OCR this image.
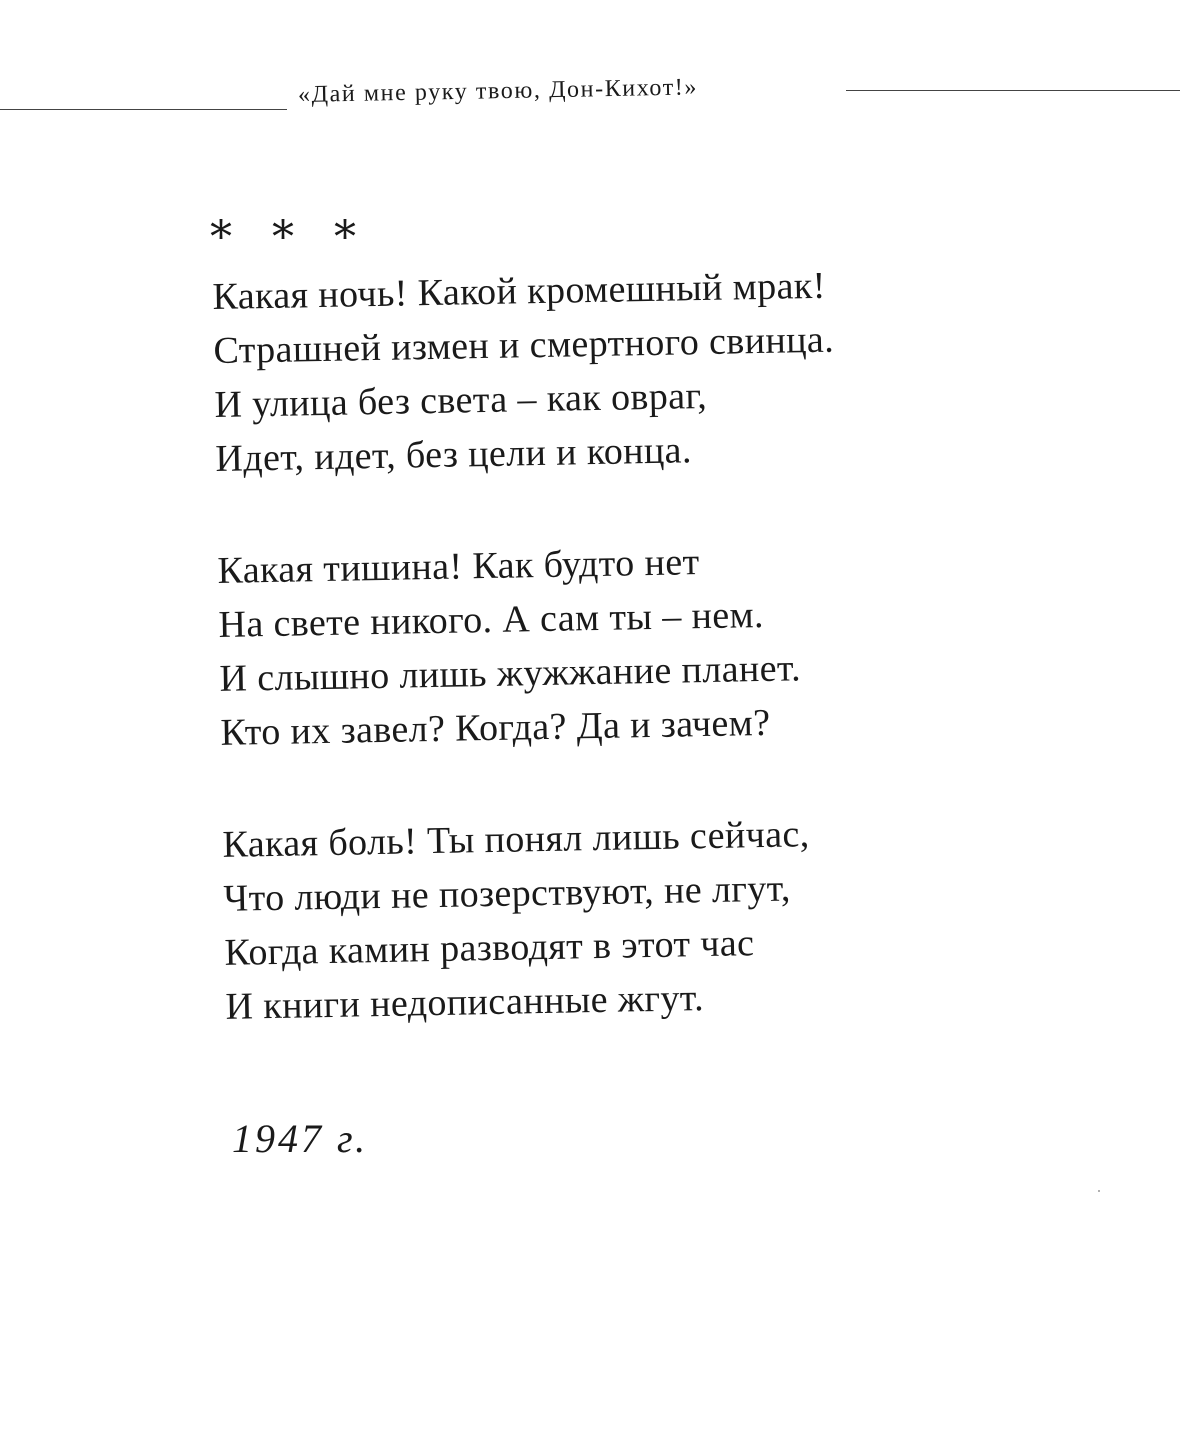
«Дай мне руку твою, Дон-Кихот!»
* * *
Какая ночь! Какой кромешный мрак!
Страшней измен и смертного свинца.
И улица без света – как овраг,
Идет, идет, без цели и конца.
Какая тишина! Как будто нет
На свете никого. А сам ты – нем.
И слышно лишь жужжание планет.
Кто их завел? Когда? Да и зачем?
Какая боль! Ты понял лишь сейчас,
Что люди не позерствуют, не лгут,
Когда камин разводят в этот час
И книги недописанные жгут.
1947 г.
